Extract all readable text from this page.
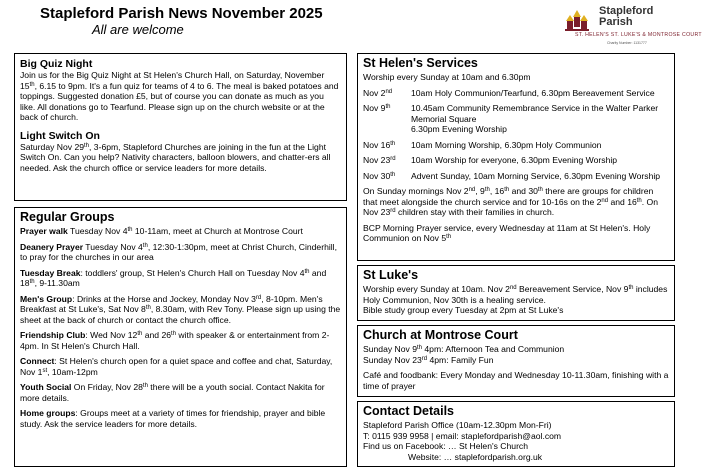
Stapleford Parish News November 2025
All are welcome
Stapleford
Parish
ST. HELEN'S ST. LUKE'S & MONTROSE COURT
Charity Number: 1131777
Big Quiz Night

Join us for the Big Quiz Night at St Helen's Church Hall, on Saturday, November 15th, 6.15 to 9pm. It's a fun quiz for teams of 4 to 6. The meal is baked potatoes and toppings. Suggested donation £5, but of course you can donate as much as you like. All donations go to Tearfund. Please sign up on the church website or at the back of church.

Light Switch On

Saturday Nov 29th, 3-6pm, Stapleford Churches are joining in the fun at the Light Switch On. Can you help? Nativity characters, balloon blowers, and chatter-ers all needed. Ask the church office or service leaders for more details.

Regular Groups

Prayer walk Tuesday Nov 4th 10-11am, meet at Church at Montrose Court

Deanery Prayer Tuesday Nov 4th, 12:30-1:30pm, meet at Christ Church, Cinderhill, to pray for the churches in our area

Tuesday Break: toddlers' group, St Helen's Church Hall on Tuesday Nov 4th and 18th, 9-11.30am

Men's Group: Drinks at the Horse and Jockey, Monday Nov 3rd, 8-10pm. Men's Breakfast at St Luke's, Sat Nov 8th, 8.30am, with Rev Tony. Please sign up using the sheet at the back of church or contact the church office.

Friendship Club: Wed Nov 12th and 26th with speaker & or entertainment from 2-4pm. In St Helen's Church Hall.

Connect: St Helen's church open for a quiet space and coffee and chat, Saturday, Nov 1st, 10am-12pm

Youth Social On Friday, Nov 28th there will be a youth social. Contact Nakita for more details.

Home groups: Groups meet at a variety of times for friendship, prayer and bible study. Ask the service leaders for more details.

St Helen's Services

Worship every Sunday at 10am and 6.30pm

Nov 2nd	10am Holy Communion/Tearfund, 6.30pm Bereavement Service
Nov 9th	10.45am Community Remembrance Service in the Walter Parker Memorial Square
6.30pm Evening Worship
Nov 16th	10am Morning Worship, 6.30pm Holy Communion
Nov 23rd	10am Worship for everyone, 6.30pm Evening Worship
Nov 30th	Advent Sunday, 10am Morning Service, 6.30pm Evening Worship

On Sunday mornings Nov 2nd, 9th, 16th and 30th there are groups for children that meet alongside the church service and for 10-16s on the 2nd and 16th. On Nov 23rd children stay with their families in church.

BCP Morning Prayer service, every Wednesday at 11am at St Helen's. Holy Communion on Nov 5th

St Luke's

Worship every Sunday at 10am. Nov 2nd Bereavement Service, Nov 9th includes Holy Communion, Nov 30th is a healing service.

Bible study group every Tuesday at 2pm at St Luke's

Church at Montrose Court

Sunday Nov 9th 4pm: Afternoon Tea and Communion

Sunday Nov 23rd 4pm: Family Fun

Café and foodbank: Every Monday and Wednesday 10-11.30am, finishing with a time of prayer

Contact Details

Stapleford Parish Office (10am-12.30pm Mon-Fri)

T: 0115 939 9958 | email: staplefordparish@aol.com

Find us on Facebook: … St Helen's Church

Website: … staplefordparish.org.uk
